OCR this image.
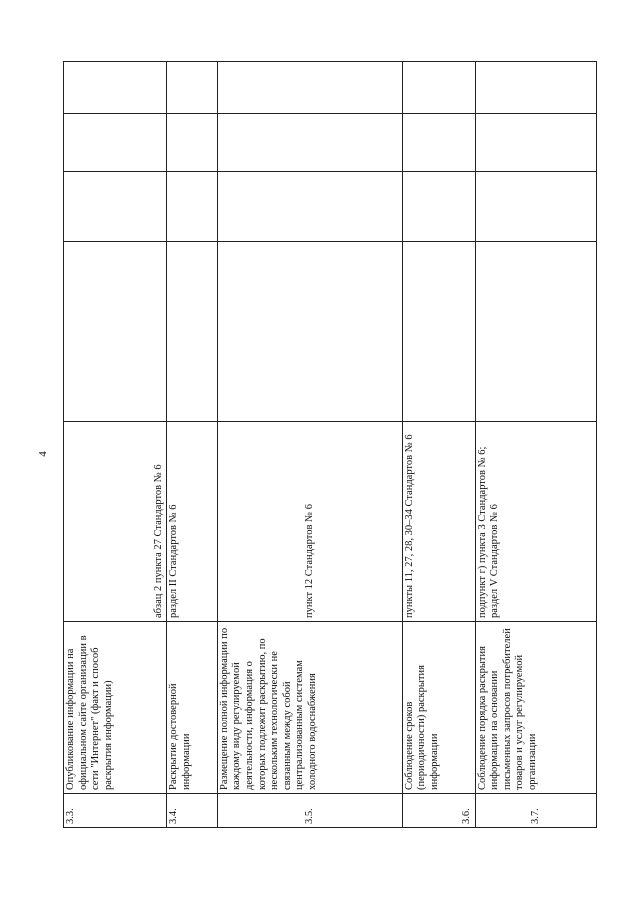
4
3.3.	Опубликование информации на официальном сайте организации в сети "Интернет" (факт и способ раскрытия информации)	абзац 2 пункта 27 Стандартов № 6				
3.4.	Раскрытие достоверной информации	раздел II Стандартов № 6				
3.5.	Размещение полной информации по каждому виду регулируемой деятельности, информация о которых подлежит раскрытию, по нескольким технологически не связанным между собой централизованным системам холодного водоснабжения	пункт 12 Стандартов № 6				
3.6.	Соблюдение сроков (периодичности) раскрытия информации	пункты 11, 27, 28, 30–34 Стандартов № 6				
3.7.	Соблюдение порядка раскрытия информации на основании письменных запросов потребителей товаров и услуг регулируемой организации	подпункт г) пункта 3 Стандартов № 6; раздел V Стандартов № 6				
